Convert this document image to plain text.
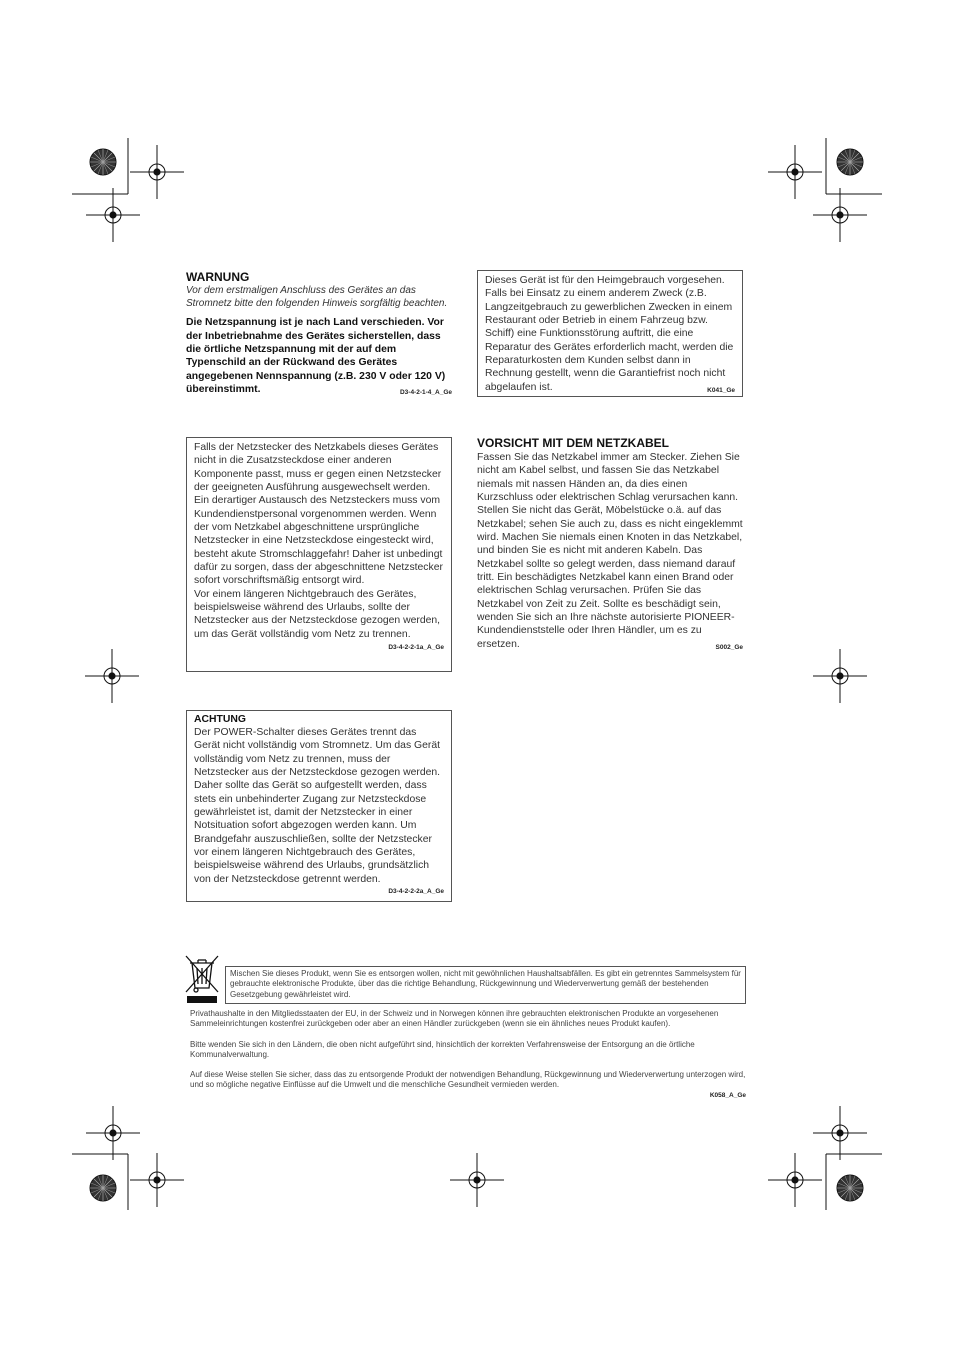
WARNUNG

Vor dem erstmaligen Anschluss des Gerätes an das Stromnetz bitte den folgenden Hinweis sorgfältig beachten.

Die Netzspannung ist je nach Land verschieden. Vor der Inbetriebnahme des Gerätes sicherstellen, dass die örtliche Netzspannung mit der auf dem Typenschild an der Rückwand des Gerätes angegebenen Nennspannung (z.B. 230 V oder 120 V) übereinstimmt.	D3-4-2-1-4_A_Ge

Dieses Gerät ist für den Heimgebrauch vorgesehen. Falls bei Einsatz zu einem anderem Zweck (z.B. Langzeitgebrauch zu gewerblichen Zwecken in einem Restaurant oder Betrieb in einem Fahrzeug bzw. Schiff) eine Funktionsstörung auftritt, die eine Reparatur des Gerätes erforderlich macht, werden die Reparaturkosten dem Kunden selbst dann in Rechnung gestellt, wenn die Garantiefrist noch nicht abgelaufen ist.	K041_Ge

Falls der Netzstecker des Netzkabels dieses Gerätes nicht in die Zusatzsteckdose einer anderen Komponente passt, muss er gegen einen Netzstecker der geeigneten Ausführung ausgewechselt werden. Ein derartiger Austausch des Netzsteckers muss vom Kundendienstpersonal vorgenommen werden. Wenn der vom Netzkabel abgeschnittene ursprüngliche Netzstecker in eine Netzsteckdose eingesteckt wird, besteht akute Stromschlaggefahr! Daher ist unbedingt dafür zu sorgen, dass der abgeschnittene Netzstecker sofort vorschriftsmäßig entsorgt wird.

Vor einem längeren Nichtgebrauch des Gerätes, beispielsweise während des Urlaubs, sollte der Netzstecker aus der Netzsteckdose gezogen werden, um das Gerät vollständig vom Netz zu trennen.

D3-4-2-2-1a_A_Ge
VORSICHT MIT DEM NETZKABEL

Fassen Sie das Netzkabel immer am Stecker. Ziehen Sie nicht am Kabel selbst, und fassen Sie das Netzkabel niemals mit nassen Händen an, da dies einen Kurzschluss oder elektrischen Schlag verursachen kann. Stellen Sie nicht das Gerät, Möbelstücke o.ä. auf das Netzkabel; sehen Sie auch zu, dass es nicht eingeklemmt wird. Machen Sie niemals einen Knoten in das Netzkabel, und binden Sie es nicht mit anderen Kabeln. Das Netzkabel sollte so gelegt werden, dass niemand darauf tritt. Ein beschädigtes Netzkabel kann einen Brand oder elektrischen Schlag verursachen. Prüfen Sie das Netzkabel von Zeit zu Zeit. Sollte es beschädigt sein, wenden Sie sich an Ihre nächste autorisierte PIONEER-Kundendienststelle oder Ihren Händler, um es zu ersetzen.	S002_Ge

ACHTUNG

Der POWER-Schalter dieses Gerätes trennt das Gerät nicht vollständig vom Stromnetz. Um das Gerät vollständig vom Netz zu trennen, muss der Netzstecker aus der Netzsteckdose gezogen werden. Daher sollte das Gerät so aufgestellt werden, dass stets ein unbehinderter Zugang zur Netzsteckdose gewährleistet ist, damit der Netzstecker in einer Notsituation sofort abgezogen werden kann. Um Brandgefahr auszuschließen, sollte der Netzstecker vor einem längeren Nichtgebrauch des Gerätes, beispielsweise während des Urlaubs, grundsätzlich von der Netzsteckdose getrennt werden.

D3-4-2-2-2a_A_Ge

Mischen Sie dieses Produkt, wenn Sie es entsorgen wollen, nicht mit gewöhnlichen Haushaltsabfällen. Es gibt ein getrenntes Sammelsystem für gebrauchte elektronische Produkte, über das die richtige Behandlung, Rückgewinnung und Wiederverwertung gemäß der bestehenden Gesetzgebung gewährleistet wird.

Privathaushalte in den Mitgliedsstaaten der EU, in der Schweiz und in Norwegen können ihre gebrauchten elektronischen Produkte an vorgesehenen Sammeleinrichtungen kostenfrei zurückgeben oder aber an einen Händler zurückgeben (wenn sie ein ähnliches neues Produkt kaufen).

Bitte wenden Sie sich in den Ländern, die oben nicht aufgeführt sind, hinsichtlich der korrekten Verfahrensweise der Entsorgung an die örtliche Kommunalverwaltung.

Auf diese Weise stellen Sie sicher, dass das zu entsorgende Produkt der notwendigen Behandlung, Rückgewinnung und Wiederverwertung unterzogen wird, und so mögliche negative Einflüsse auf die Umwelt und die menschliche Gesundheit vermieden werden.

K058_A_Ge
